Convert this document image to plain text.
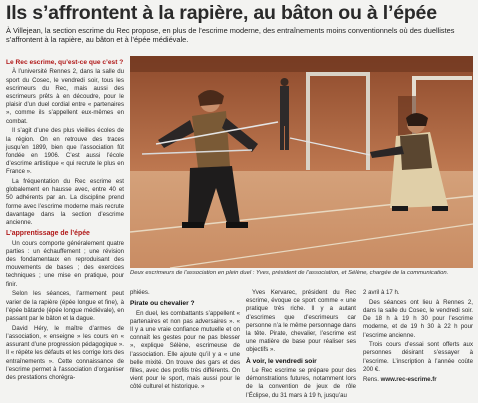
Ils s’affrontent à la rapière, au bâton ou à l’épée
À Villejean, la section escrime du Rec propose, en plus de l’escrime moderne, des entraînements moins conventionnels où des duellistes s’affrontent à la rapière, au bâton et à l’épée médiévale.
Le Rec escrime, qu’est-ce que c’est ?

À l’université Rennes 2, dans la salle du sport du Cosec, le vendredi soir, tous les escrimeurs du Rec, mais aussi des escrimeurs prêts à en découdre, pour le plaisir d’un duel cordial entre « partenaires », comme ils s’appellent eux-mêmes en combat.

Il s’agit d’une des plus vieilles écoles de la région. On en retrouve des traces jusqu’en 1899, bien que l’association fût fondée en 1906. C’est aussi l’école d’escrime artistique « qui recrute le plus en France ».

La fréquentation du Rec escrime est globalement en hausse avec, entre 40 et 50 adhérents par an. La discipline prend forme avec l’escrime moderne mais recrute davantage dans la section d’escrime ancienne.

L’apprentissage de l’épée

Un cours comporte généralement quatre parties : un échauffement ; une révision des fondamentaux en reproduisant des mouvements de bases ; des exercices techniques ; une mise en pratique, pour finir.

Selon les séances, l’armement peut varier de la rapière (épée longue et fine), à l’épée bâtarde (épée longue médiévale), en passant par le bâton et la dague.

David Héry, le maître d’armes de l’association, « enseigne » les cours en « assurant d’une progression pédagogique ». Il « répète les défauts et les corrige lors des entraînements ». Cette connaissance de l’escrime permet à l’association d’organiser des prestations chorégra-

Deux escrimeurs de l’association en plein duel : Yves, président de l’association, et Sélène, chargée de la communication.

phiées.

Pirate ou chevalier ?

En duel, les combattants s’appellent « partenaires et non pas adversaires ». « Il y a une vraie confiance mutuelle et on connaît les gestes pour ne pas blesser », explique Sélène, escrimeuse de l’association. Elle ajoute qu’il y a « une belle mixité. On trouve des gars et des filles, avec des profils très différents. On vient pour le sport, mais aussi pour le côté culturel et historique. »

Yves Kervarec, président du Rec escrime, évoque ce sport comme « une pratique très riche. Il y a autant d’escrimes que d’escrimeurs car personne n’a le même personnage dans la tête. Pirate, chevalier, l’escrime est une matière de base pour réaliser ses objectifs ».

À voir, le vendredi soir

Le Rec escrime se prépare pour des démonstrations futures, notamment lors de la convention de jeux de rôle l’Éclipse, du 31 mars à 19 h, jusqu’au

2 avril à 17 h.

Des séances ont lieu à Rennes 2, dans la salle du Cosec, le vendredi soir. De 18 h à 19 h 30 pour l’escrime moderne, et de 19 h 30 à 22 h pour l’escrime ancienne.

Trois cours d’essai sont offerts aux personnes désirant s’essayer à l’escrime. L’inscription à l’année coûte 200 €.

Rens. www.rec-escrime.fr
